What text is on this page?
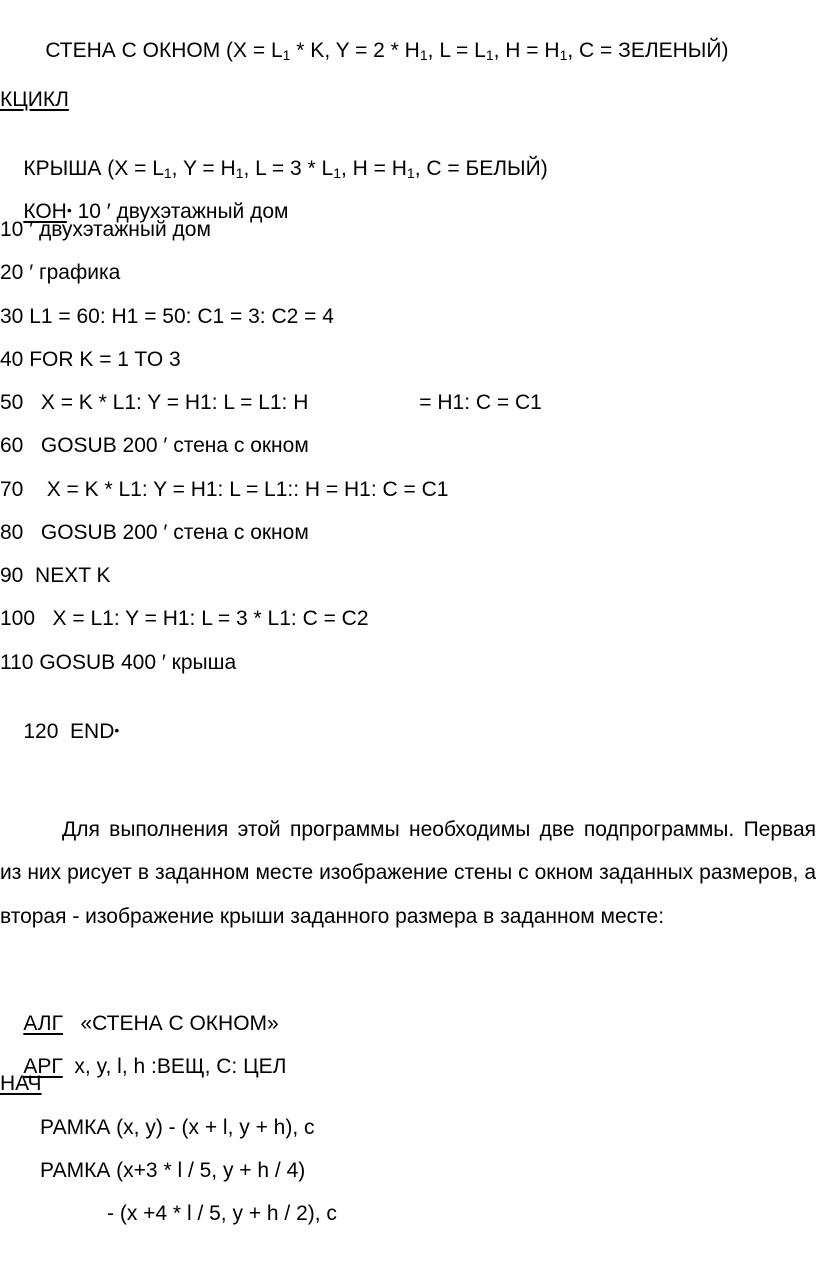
СТЕНА С ОКНОМ ($X = L_1 * K$, $Y = 2 * H_1$, $L = L_1$, $H = H_1$, C = ЗЕЛЕНЫЙ)

КЦИКЛ

КРЫША ($X = L_1$, $Y = H_1$, $L = 3 * L_1$, $H = H_1$, C = БЕЛЫЙ)

КОН• 10 ′ двухэтажный дом

10 ′ двухэтажный дом
20 ′ графика
30 L1 = 60: H1 = 50: C1 = 3: C2 = 4
40 FOR K = 1 TO 3
50   X = K * L1: Y = H1: L = L1: H                   = H1: C = C1
60   GOSUB 200 ′ стена с окном
70    X = K * L1: Y = H1: L = L1:: H = H1: C = C1
80   GOSUB 200 ′ стена с окном
90  NEXT K
100   X = L1: Y = H1: L = 3 * L1: C = C2
110 GOSUB 400 ′ крыша

120  END•

Для выполнения этой программы необходимы две подпрограммы. Первая из них рисует в заданном месте изображение стены с окном заданных размеров, а вторая - изображение крыши заданного размера в заданном месте:

АЛГ   «СТЕНА С ОКНОМ»

АРГ  x, y, l, h :ВЕЩ, C: ЦЕЛ

НАЧ
РАМКА (x, y) - (x + l, y + h), c
РАМКА (x+3 * l / 5, y + h / 4)
- (x +4 * l / 5, y + h / 2), c
